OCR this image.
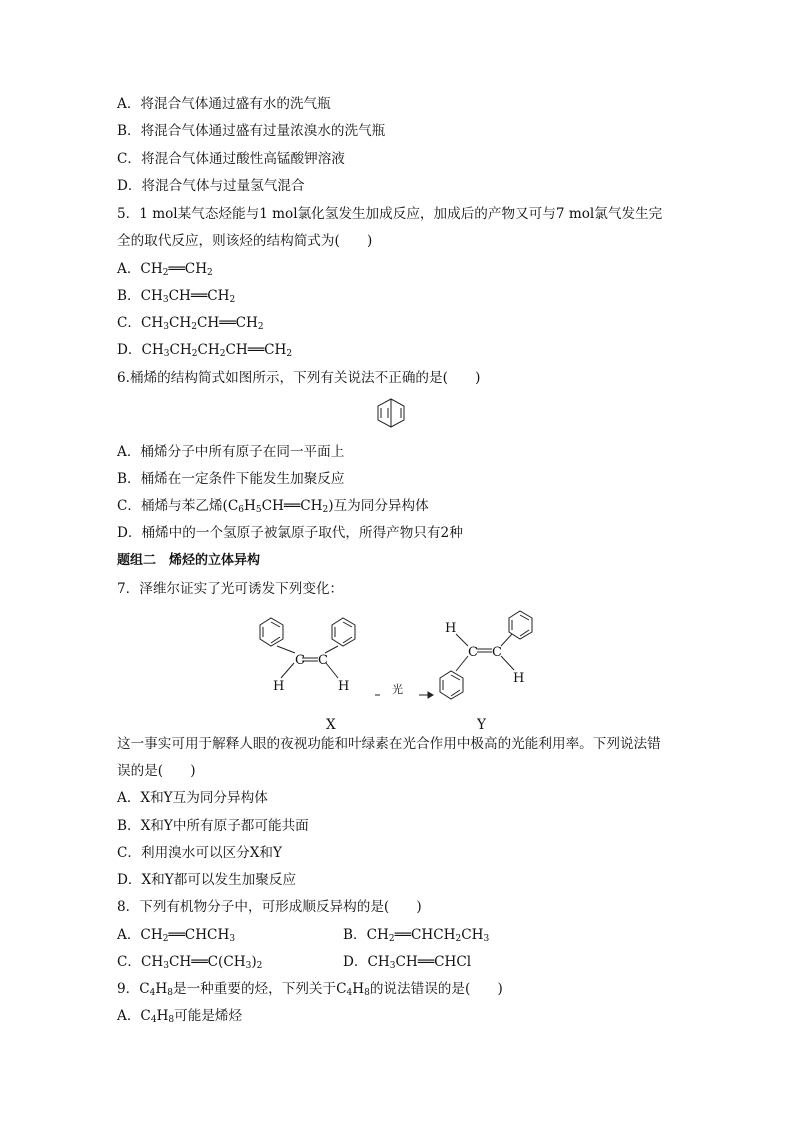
A．将混合气体通过盛有水的洗气瓶
B．将混合气体通过盛有过量浓溴水的洗气瓶
C．将混合气体通过酸性高锰酸钾溶液
D．将混合气体与过量氢气混合
5．1 mol某气态烃能与1 mol氯化氢发生加成反应，加成后的产物又可与7 mol氯气发生完
全的取代反应，则该烃的结构简式为(　　)
A．$CH_2══CH_2$
B．$CH_3CH══CH_2$
C．$CH_3CH_2CH══CH_2$
D．$CH_3CH_2CH_2CH══CH_2$
6.桶烯的结构简式如图所示，下列有关说法不正确的是(　　)
A．桶烯分子中所有原子在同一平面上
B．桶烯在一定条件下能发生加聚反应
C．桶烯与苯乙烯$(C_6H_5CH══CH_2)$互为同分异构体
D．桶烯中的一个氢原子被氯原子取代，所得产物只有2种
题组二　烯烃的立体异构
7．泽维尔证实了光可诱发下列变化：
C C
H	H	光
H
C C
H
X	Y
这一事实可用于解释人眼的夜视功能和叶绿素在光合作用中极高的光能利用率。下列说法错
误的是(　　)
A．X和Y互为同分异构体
B．X和Y中所有原子都可能共面
C．利用溴水可以区分X和Y
D．X和Y都可以发生加聚反应
8．下列有机物分子中，可形成顺反异构的是(　　)
A．$CH_2══CHCH_3$	B．$CH_2══CHCH_2CH_3$
C．$CH_3CH══C(CH_3)_2$	D．$CH_3CH══CHCl$
9．$C_4H_8$是一种重要的烃，下列关于$C_4H_8$的说法错误的是(　　)
A．$C_4H_8$可能是烯烃
